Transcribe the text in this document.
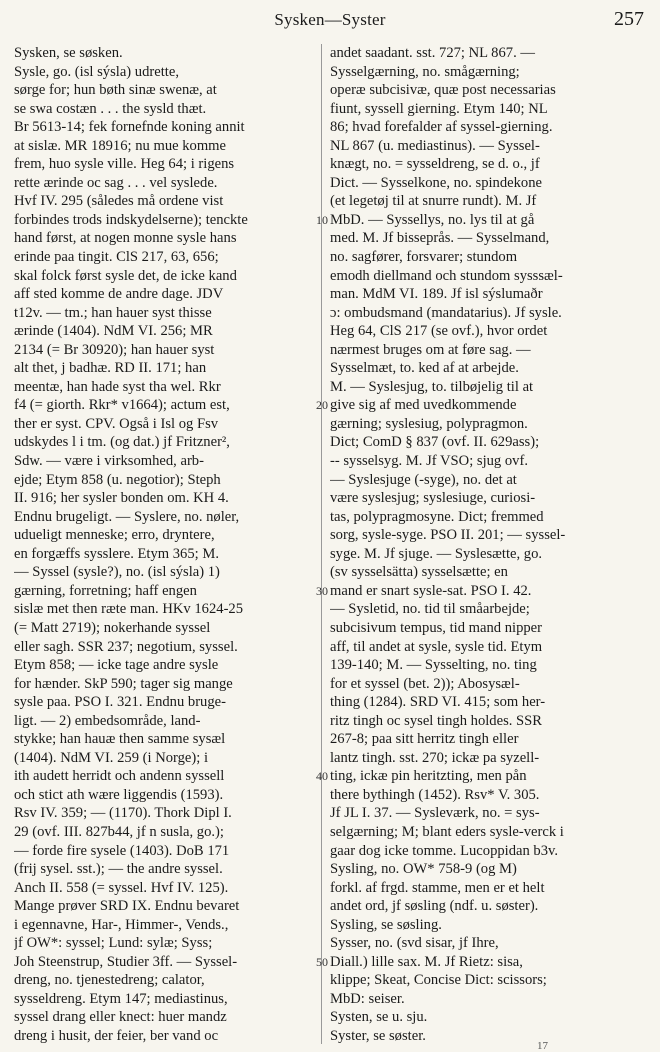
Sysken—Syster	257
Sysken, se søsken.
Sysle, go. (isl sýsla) udrette,
sørge for; hun bøth sinæ swenæ, at
se swa costæn . . . the sysld thæt.
Br 5613-14; fek fornefnde koning annit
at sislæ. MR 18916; nu mue komme
frem, huo sysle ville. Heg 64; i rigens
rette ærinde oc sag . . . vel syslede.
Hvf IV. 295 (således må ordene vist
forbindes trods indskydelserne); tenckte
hand først, at nogen monne sysle hans
erinde paa tingit. ClS 217, 63, 656;
skal folck først sysle det, de icke kand
aff sted komme de andre dage. JDV
t12v. — tm.; han hauer syst thisse
ærinde (1404). NdM VI. 256; MR
2134 (= Br 30920); han hauer syst
alt thet, j badhæ. RD II. 171; han
meentæ, han hade syst tha wel. Rkr
f4 (= giorth. Rkr* v1664); actum est,
ther er syst. CPV. Også i Isl og Fsv
udskydes l i tm. (og dat.) jf Fritzner²,
Sdw. — være i virksomhed, arb-
ejde; Etym 858 (u. negotior); Steph
II. 916; her sysler bonden om. KH 4.
Endnu brugeligt. — Syslere, no. nøler,
udueligt menneske; erro, dryntere,
en forgæffs sysslere. Etym 365; M.
— Syssel (sysle?), no. (isl sýsla) 1)
gærning, forretning; haff engen
sislæ met then ræte man. HKv 1624-25
(= Matt 2719); nokerhande syssel
eller sagh. SSR 237; negotium, syssel.
Etym 858; — icke tage andre sysle
for hænder. SkP 590; tager sig mange
sysle paa. PSO I. 321. Endnu bruge-
ligt. — 2) embedsområde, land-
stykke; han hauæ then samme sysæl
(1404). NdM VI. 259 (i Norge); i
ith audett herridt och andenn syssell
och stict ath wære liggendis (1593).
Rsv IV. 359; — (1170). Thork Dipl I.
29 (ovf. III. 827b44, jf n susla, go.);
— forde fire sysele (1403). DoB 171
(frij sysel. sst.); — the andre syssel.
Anch II. 558 (= syssel. Hvf IV. 125).
Mange prøver SRD IX. Endnu bevaret
i egennavne, Har-, Himmer-, Vends.,
jf OW*: syssel; Lund: sylæ; Syss;
Joh Steenstrup, Studier 3ff. — Syssel-
dreng, no. tjenestedreng; calator,
sysseldreng. Etym 147; mediastinus,
syssel drang eller knect: huer mandz
dreng i husit, der feier, ber vand oc
10
20
30
40
50
andet saadant. sst. 727; NL 867. —
Sysselgærning, no. smågærning;
operæ subcisivæ, quæ post necessarias
fiunt, syssell gierning. Etym 140; NL
86; hvad forefalder af syssel-gierning.
NL 867 (u. mediastinus). — Syssel-
knægt, no. = sysseldreng, se d. o., jf
Dict. — Sysselkone, no. spindekone
(et legetøj til at snurre rundt). M. Jf
MbD. — Syssellys, no. lys til at gå
med. M. Jf bisseprås. — Sysselmand,
no. sagfører, forsvarer; stundom
emodh diellmand och stundom sysssæl-
man. MdM VI. 189. Jf isl sýslumaðr
ɔ: ombudsmand (mandatarius). Jf sysle.
Heg 64, ClS 217 (se ovf.), hvor ordet
nærmest bruges om at føre sag. —
Sysselmæt, to. ked af at arbejde.
M. — Syslesjug, to. tilbøjelig til at
give sig af med uvedkommende
gærning; syslesiug, polypragmon.
Dict; ComD § 837 (ovf. II. 629ass);
-- sysselsyg. M. Jf VSO; sjug ovf.
— Syslesjuge (-syge), no. det at
være syslesjug; syslesiuge, curiosi-
tas, polypragmosyne. Dict; fremmed
sorg, sysle-syge. PSO II. 201; — syssel-
syge. M. Jf sjuge. — Syslesætte, go.
(sv sysselsätta) sysselsætte; en
mand er snart sysle-sat. PSO I. 42.
— Sysletid, no. tid til småarbejde;
subcisivum tempus, tid mand nipper
aff, til andet at sysle, syslе tid. Etym
139-140; M. — Sysselting, no. ting
for et syssel (bet. 2)); Abosysæl-
thing (1284). SRD VI. 415; som her-
ritz tingh oc sysel tingh holdes. SSR
267-8; paa sitt herritz tingh eller
lantz tingh. sst. 270; ickæ pa syzell-
ting, ickæ pin heritzting, men pån
there bythingh (1452). Rsv* V. 305.
Jf JL I. 37. — Syslеværk, no. = sys-
selgærning; M; blant eders sysle-verck i
gaar dog icke tomme. Lucoppidan b3v.
Sysling, no. OW* 758-9 (og M)
forkl. af frgd. stamme, men er et helt
andet ord, jf søsling (ndf. u. søster).
Sysling, se søsling.
Sysser, no. (svd sisar, jf Ihre,
Diall.) lille sax. M. Jf Rietz: sisa,
klippe; Skeat, Concise Dict: scissors;
MbD: seiser.
Systen, se u. sju.
Syster, se søster.
17
